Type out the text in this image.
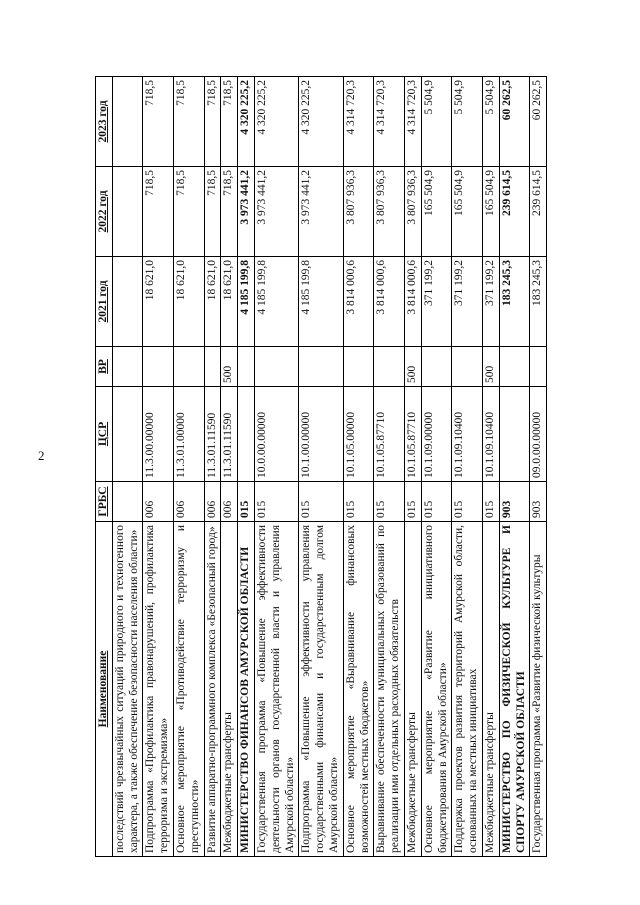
2
Наименование	ГРБС	ЦСР	ВР	2021 год	2022 год	2023 год
последствий чрезвычайных ситуаций природного и техногенного характера, а также обеспечение безопасности населения области»						
Подпрограмма «Профилактика правонарушений, профилактика терроризма и экстремизма»	006	11.3.00.00000		18 621,0	718,5	718,5
Основное мероприятие «Противодействие терроризму и преступности»	006	11.3.01.00000		18 621,0	718,5	718,5
Развитие аппаратно-программного комплекса «Безопасный город»	006	11.3.01.11590		18 621,0	718,5	718,5
Межбюджетные трансферты	006	11.3.01.11590	500	18 621,0	718,5	718,5
МИНИСТЕРСТВО ФИНАНСОВ АМУРСКОЙ ОБЛАСТИ	015			4 185 199,8	3 973 441,2	4 320 225,2
Государственная программа «Повышение эффективности деятельности органов государственной власти и управления Амурской области»	015	10.0.00.00000		4 185 199,8	3 973 441,2	4 320 225,2
Подпрограмма «Повышение эффективности управления государственными финансами и государственным долгом Амурской области»	015	10.1.00.00000		4 185 199,8	3 973 441,2	4 320 225,2
Основное мероприятие «Выравнивание финансовых возможностей местных бюджетов»	015	10.1.05.00000		3 814 000,6	3 807 936,3	4 314 720,3
Выравнивание обеспеченности муниципальных образований по реализации ими отдельных расходных обязательств	015	10.1.05.87710		3 814 000,6	3 807 936,3	4 314 720,3
Межбюджетные трансферты	015	10.1.05.87710	500	3 814 000,6	3 807 936,3	4 314 720,3
Основное мероприятие «Развитие инициативного бюджетирования в Амурской области»	015	10.1.09.00000		371 199,2	165 504,9	5 504,9
Поддержка проектов развития территорий Амурской области, основанных на местных инициативах	015	10.1.09.10400		371 199,2	165 504,9	5 504,9
Межбюджетные трансферты	015	10.1.09.10400	500	371 199,2	165 504,9	5 504,9
МИНИСТЕРСТВО ПО ФИЗИЧЕСКОЙ КУЛЬТУРЕ И СПОРТУ АМУРСКОЙ ОБЛАСТИ	903			183 245,3	239 614,5	60 262,5
Государственная программа «Развитие физической культуры	903	09.0.00.00000		183 245,3	239 614,5	60 262,5
